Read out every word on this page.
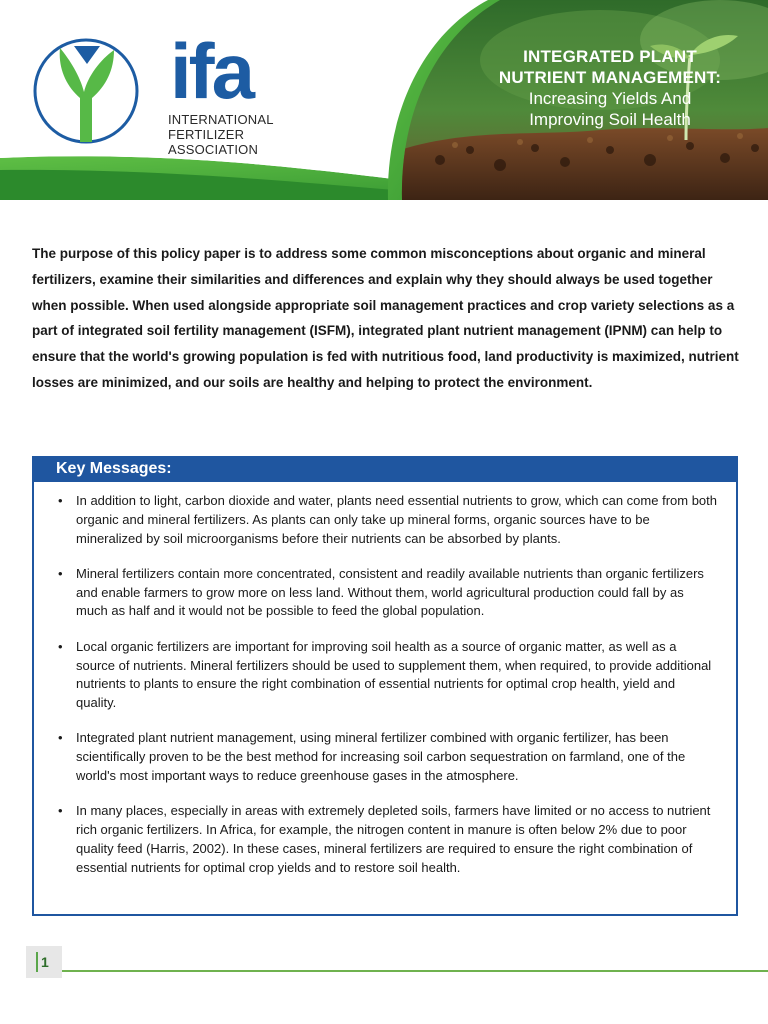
ifa
INTERNATIONAL
FERTILIZER ASSOCIATION
INTEGRATED PLANT
NUTRIENT MANAGEMENT:
Increasing Yields And
Improving Soil Health

The purpose of this policy paper is to address some common misconceptions about organic and mineral fertilizers, examine their similarities and differences and explain why they should always be used together when possible. When used alongside appropriate soil management practices and crop variety selections as a part of integrated soil fertility management (ISFM), integrated plant nutrient management (IPNM) can help to ensure that the world's growing population is fed with nutritious food, land productivity is maximized, nutrient losses are minimized, and our soils are healthy and helping to protect the environment.

Key Messages:
• In addition to light, carbon dioxide and water, plants need essential nutrients to grow, which can come from both organic and mineral fertilizers. As plants can only take up mineral forms, organic sources have to be mineralized by soil microorganisms before their nutrients can be absorbed by plants.
• Mineral fertilizers contain more concentrated, consistent and readily available nutrients than organic fertilizers and enable farmers to grow more on less land. Without them, world agricultural production could fall by as much as half and it would not be possible to feed the global population.
• Local organic fertilizers are important for improving soil health as a source of organic matter, as well as a source of nutrients. Mineral fertilizers should be used to supplement them, when required, to provide additional nutrients to plants to ensure the right combination of essential nutrients for optimal crop health, yield and quality.
• Integrated plant nutrient management, using mineral fertilizer combined with organic fertilizer, has been scientifically proven to be the best method for increasing soil carbon sequestration on farmland, one of the world's most important ways to reduce greenhouse gases in the atmosphere.
• In many places, especially in areas with extremely depleted soils, farmers have limited or no access to nutrient rich organic fertilizers. In Africa, for example, the nitrogen content in manure is often below 2% due to poor quality feed (Harris, 2002). In these cases, mineral fertilizers are required to ensure the right combination of essential nutrients for optimal crop yields and to restore soil health.
1
